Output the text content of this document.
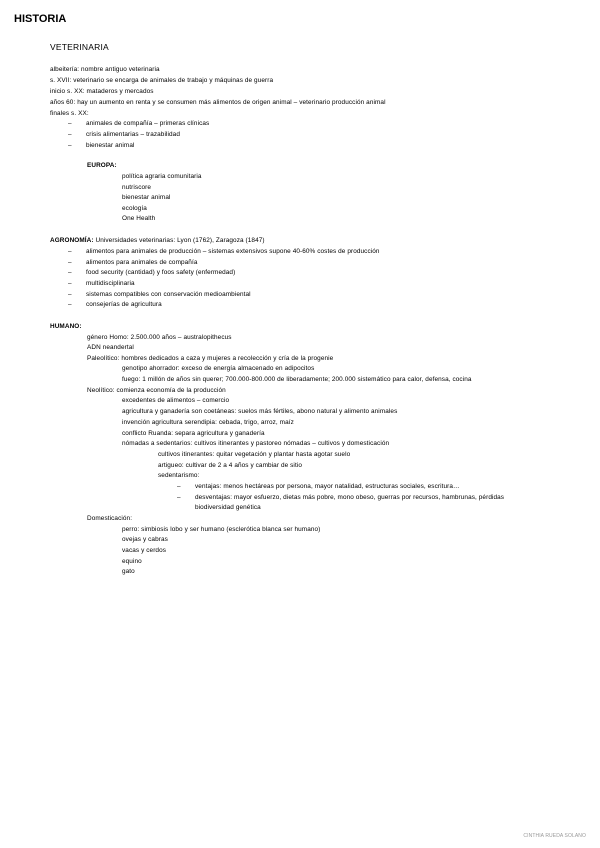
HISTORIA
VETERINARIA
albeitería: nombre antiguo veterinaria
s. XVII: veterinario se encarga de animales de trabajo y máquinas de guerra
inicio s. XX: mataderos y mercados
años 60: hay un aumento en renta y se consumen más alimentos de origen animal – veterinario producción animal
finales s. XX:
– animales de compañía – primeras clínicas
– crisis alimentarias – trazabilidad
– bienestar animal
EUROPA:
política agraria comunitaria
nutriscore
bienestar animal
ecología
One Health
AGRONOMÍA: Universidades veterinarias: Lyon (1762), Zaragoza (1847)
– alimentos para animales de producción – sistemas extensivos supone 40-60% costes de producción
– alimentos para animales de compañía
– food security (cantidad) y foos safety (enfermedad)
– multidisciplinaria
– sistemas compatibles con conservación medioambiental
– consejerías de agricultura
HUMANO:
género Homo: 2.500.000 años – australopithecus
ADN neandertal
Paleolítico: hombres dedicados a caza y mujeres a recolección y cría de la progenie
genotipo ahorrador: exceso de energía almacenado en adipocitos
fuego: 1 millón de años sin querer; 700.000-800.000 de liberadamente; 200.000 sistemático para calor, defensa, cocina
Neolítico: comienza economía de la producción
excedentes de alimentos – comercio
agricultura y ganadería son coetáneas: suelos más fértiles, abono natural y alimento animales
invención agricultura serendipia: cebada, trigo, arroz, maíz
conflicto Ruanda: separa agricultura y ganadería
nómadas a sedentarios: cultivos itinerantes y pastoreo nómadas – cultivos y domesticación
cultivos itinerantes: quitar vegetación y plantar hasta agotar suelo
artigueo: cultivar de 2 a 4 años y cambiar de sitio
sedentarismo:
– ventajas: menos hectáreas por persona, mayor natalidad, estructuras sociales, escritura…
– desventajas: mayor esfuerzo, dietas más pobre, mono obeso, guerras por recursos, hambrunas, pérdidas
biodiversidad genética
Domesticación:
perro: simbiosis lobo y ser humano (esclerótica blanca ser humano)
ovejas y cabras
vacas y cerdos
equino
gato
CINTHIA RUEDA SOLANO
